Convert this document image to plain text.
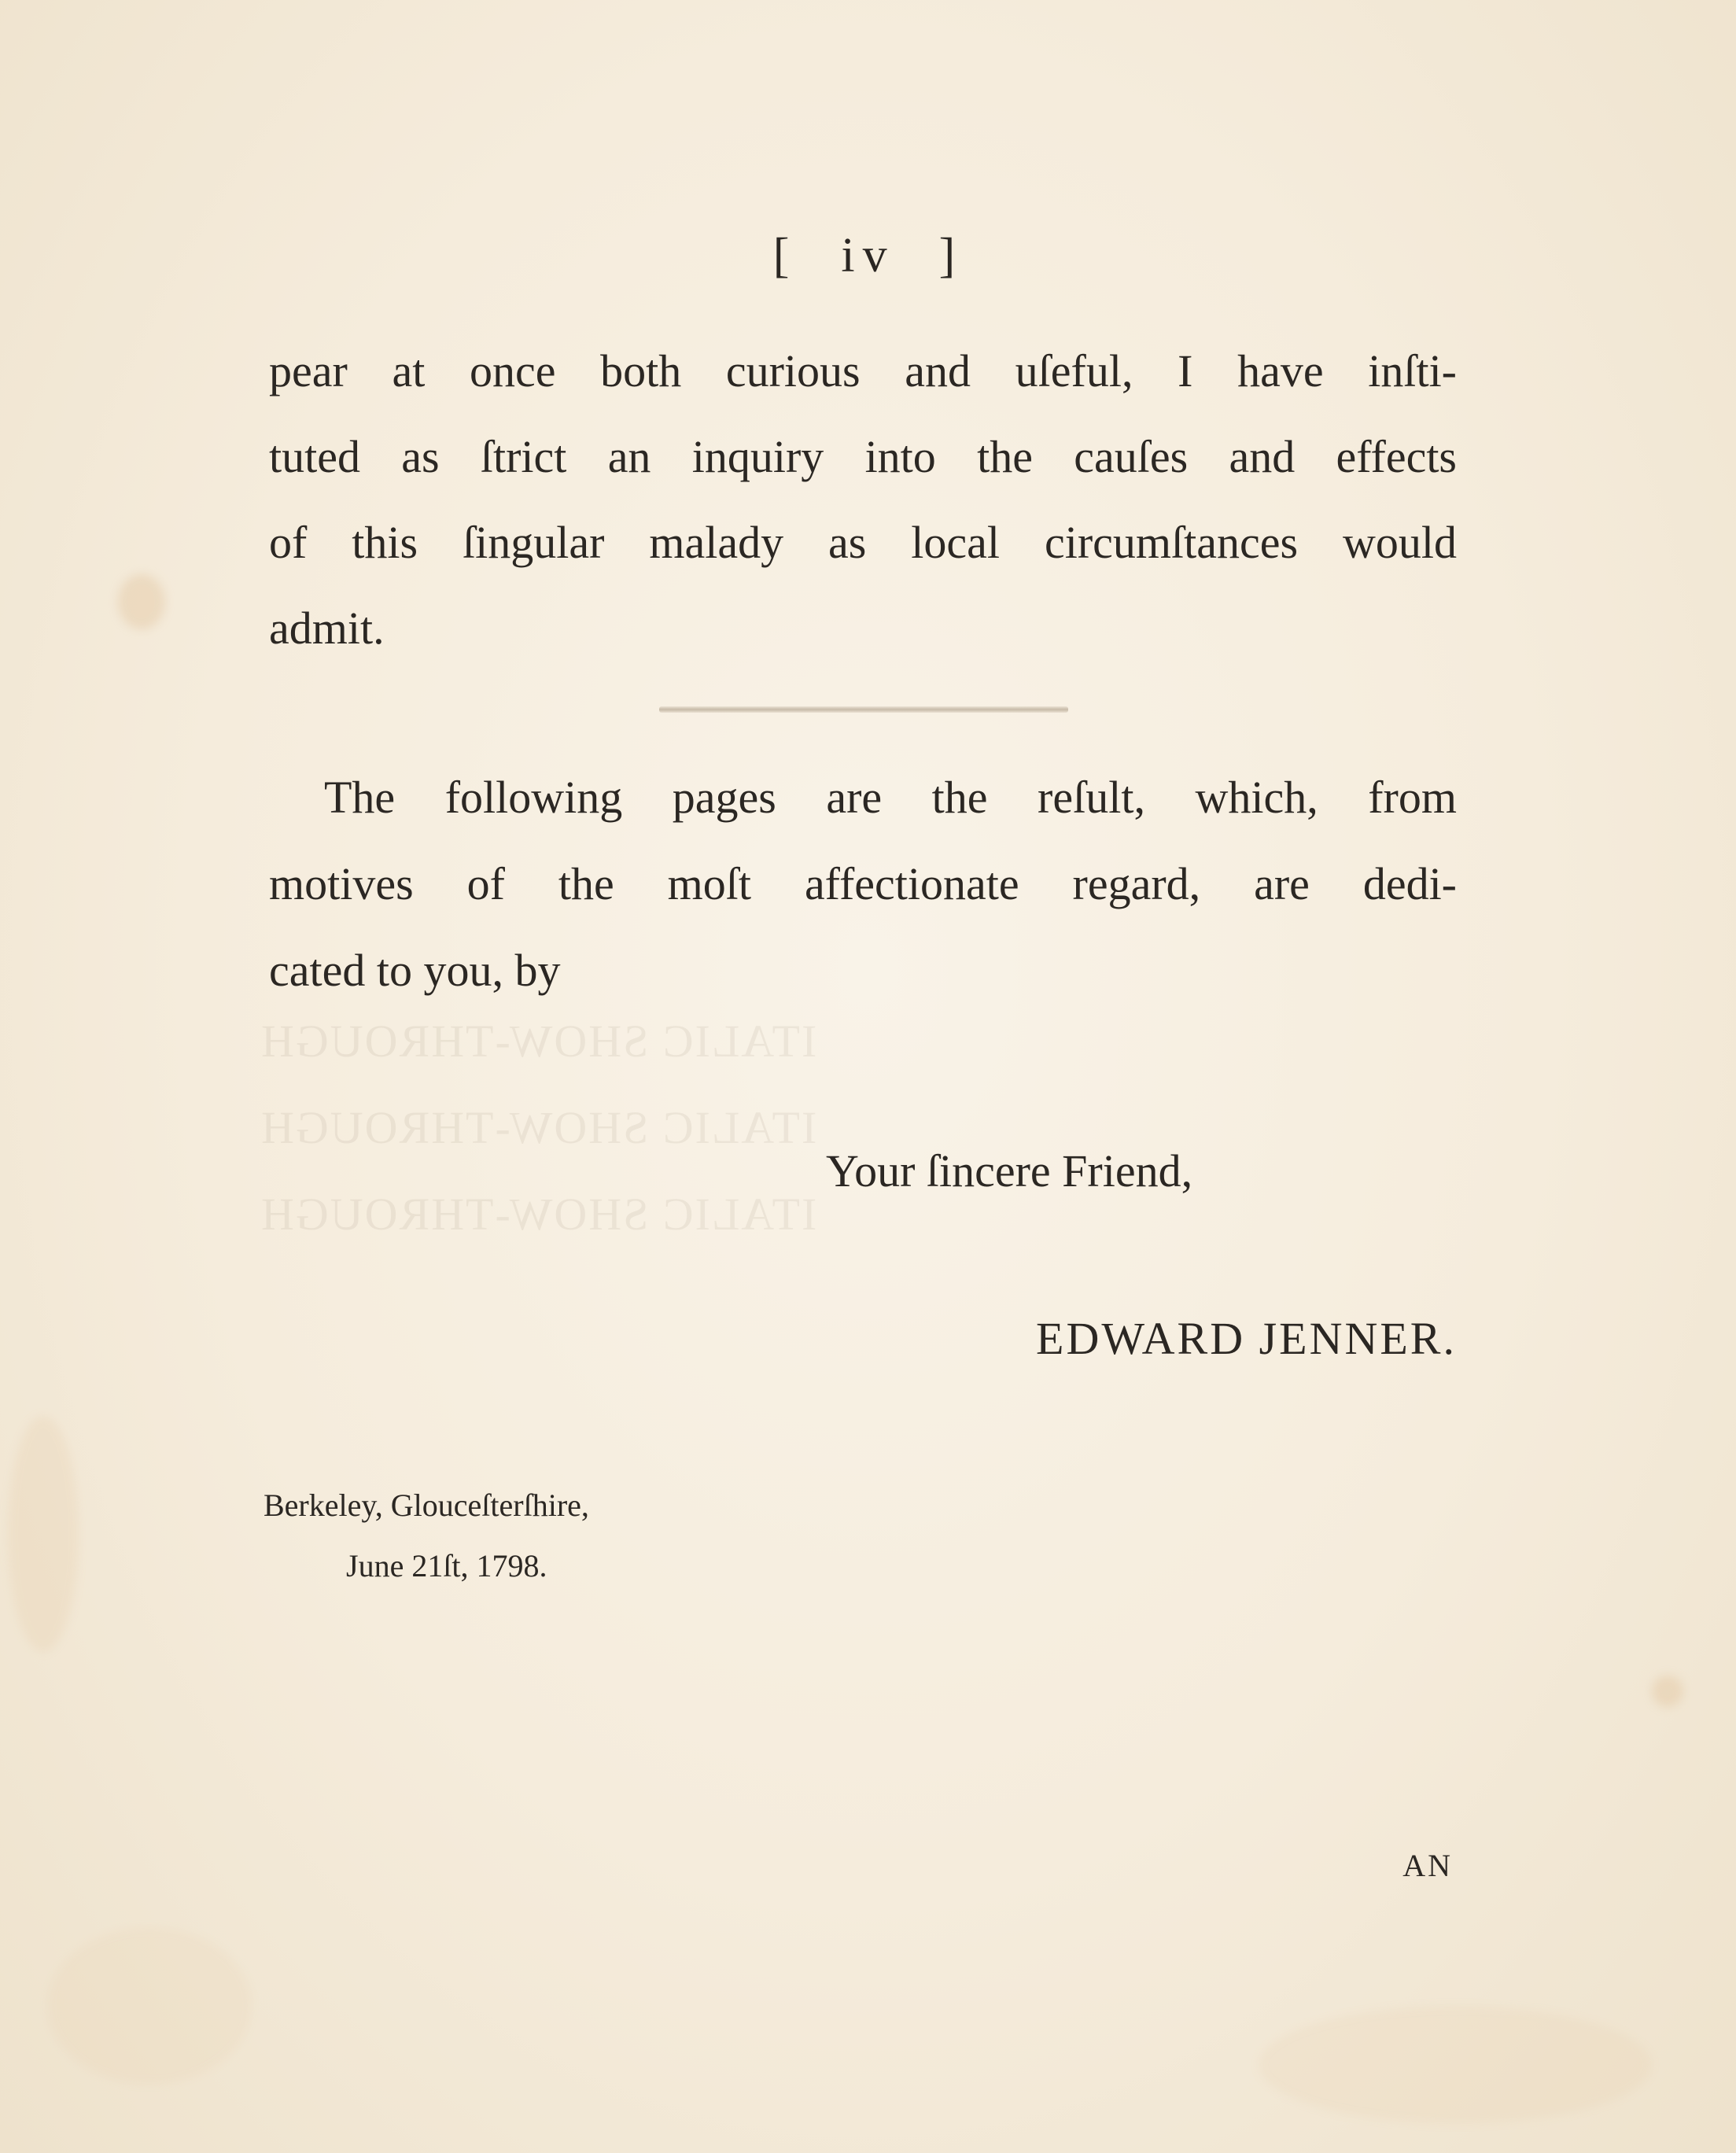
ITALIC SHOW-THROUGH
ITALIC SHOW-THROUGH
ITALIC SHOW-THROUGH
[ iv ]
pear at once both curious and uſeful, I have inſti-
tuted as ſtrict an inquiry into the cauſes and effects
of this ſingular malady as local circumſtances would
admit.
The following pages are the reſult, which, from
motives of the moſt affectionate regard, are dedi-
cated to you, by
Your ſincere Friend,
EDWARD JENNER.
Berkeley, Glouceſterſhire,
June 21ſt, 1798.
AN
